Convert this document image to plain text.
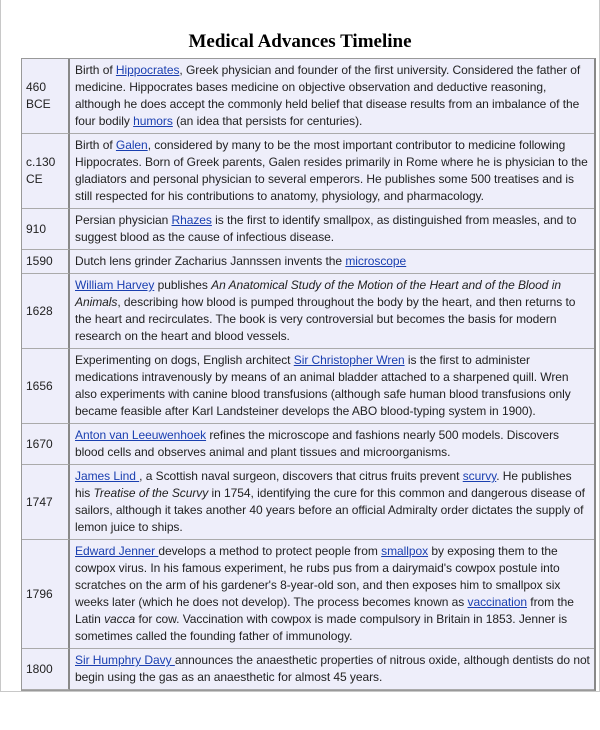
Medical Advances Timeline
460 BCE	Birth of Hippocrates, Greek physician and founder of the first university. Considered the father of medicine. Hippocrates bases medicine on objective observation and deductive reasoning, although he does accept the commonly held belief that disease results from an imbalance of the four bodily humors (an idea that persists for centuries).
c.130 CE	Birth of Galen, considered by many to be the most important contributor to medicine following Hippocrates. Born of Greek parents, Galen resides primarily in Rome where he is physician to the gladiators and personal physician to several emperors. He publishes some 500 treatises and is still respected for his contributions to anatomy, physiology, and pharmacology.
910	Persian physician Rhazes is the first to identify smallpox, as distinguished from measles, and to suggest blood as the cause of infectious disease.
1590	Dutch lens grinder Zacharius Jannssen invents the microscope
1628	William Harvey publishes An Anatomical Study of the Motion of the Heart and of the Blood in Animals, describing how blood is pumped throughout the body by the heart, and then returns to the heart and recirculates. The book is very controversial but becomes the basis for modern research on the heart and blood vessels.
1656	Experimenting on dogs, English architect Sir Christopher Wren is the first to administer medications intravenously by means of an animal bladder attached to a sharpened quill. Wren also experiments with canine blood transfusions (although safe human blood transfusions only became feasible after Karl Landsteiner develops the ABO blood-typing system in 1900).
1670	Anton van Leeuwenhoek refines the microscope and fashions nearly 500 models. Discovers blood cells and observes animal and plant tissues and microorganisms.
1747	James Lind , a Scottish naval surgeon, discovers that citrus fruits prevent scurvy. He publishes his Treatise of the Scurvy in 1754, identifying the cure for this common and dangerous disease of sailors, although it takes another 40 years before an official Admiralty order dictates the supply of lemon juice to ships.
1796	Edward Jenner develops a method to protect people from smallpox by exposing them to the cowpox virus. In his famous experiment, he rubs pus from a dairymaid's cowpox postule into scratches on the arm of his gardener's 8-year-old son, and then exposes him to smallpox six weeks later (which he does not develop). The process becomes known as vaccination from the Latin vacca for cow. Vaccination with cowpox is made compulsory in Britain in 1853. Jenner is sometimes called the founding father of immunology.
1800	Sir Humphry Davy announces the anaesthetic properties of nitrous oxide, although dentists do not begin using the gas as an anaesthetic for almost 45 years.
